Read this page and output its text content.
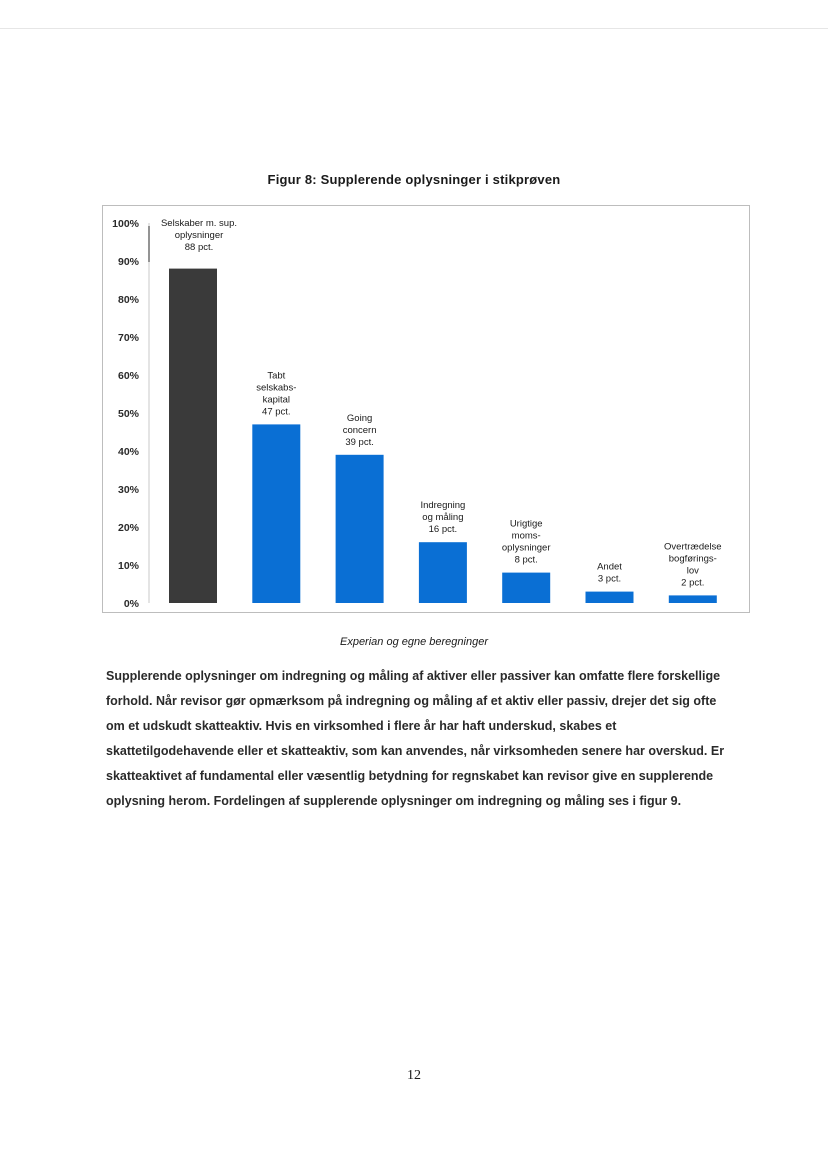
Figur 8: Supplerende oplysninger i stikprøven
0%
10%
20%
30%
40%
50%
60%
70%
80%
90%
100% Selskaber m. sup. oplysninger 88 pct.
Tabt selskabs-kapital 47 pct.
Going concern 39 pct.
Indregning og måling 16 pct.
Urigtige moms-oplysninger 8 pct.
Andet 3 pct.
Overtrædelse bogførings-lov 2 pct.
Experian og egne beregninger
Supplerende oplysninger om indregning og måling af aktiver eller passiver kan omfatte flere forskellige forhold. Når revisor gør opmærksom på indregning og måling af et aktiv eller passiv, drejer det sig ofte om et udskudt skatteaktiv. Hvis en virksomhed i flere år har haft underskud, skabes et skattetilgodehavende eller et skatteaktiv, som kan anvendes, når virksomheden senere har overskud. Er skatteaktivet af fundamental eller væsentlig betydning for regnskabet kan revisor give en supplerende oplysning herom. Fordelingen af supplerende oplysninger om indregning og måling ses i figur 9.
12
